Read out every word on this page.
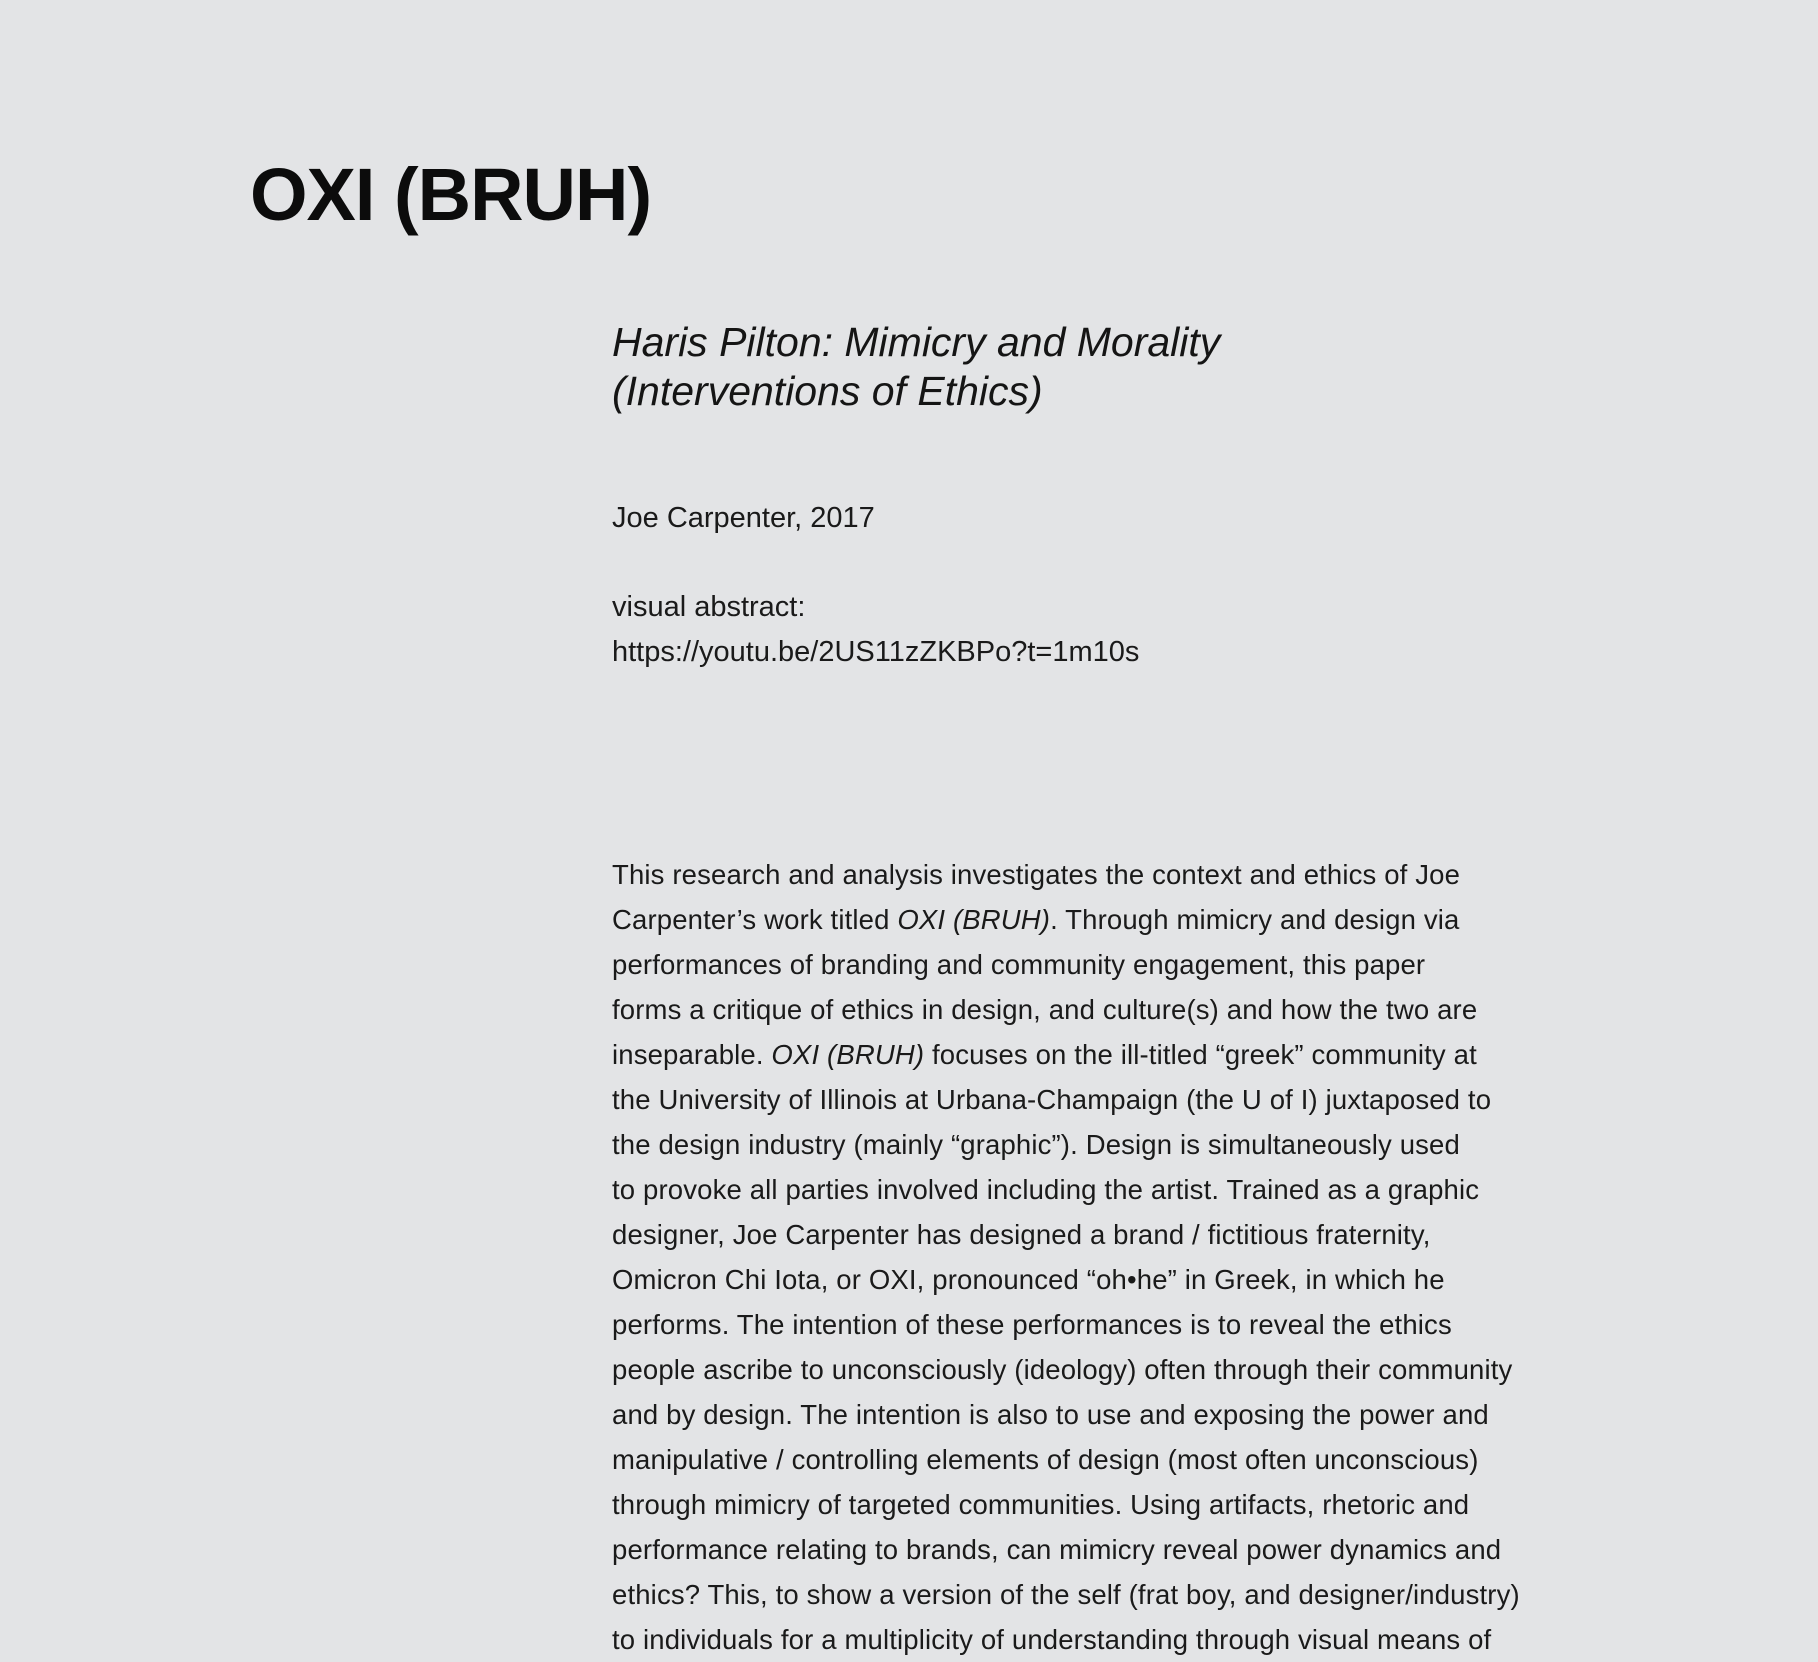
OXI (BRUH)
Haris Pilton: Mimicry and Morality
(Interventions of Ethics)
Joe Carpenter, 2017
visual abstract:
https://youtu.be/2US11zZKBPo?t=1m10s
This research and analysis investigates the context and ethics of Joe
Carpenter’s work titled OXI (BRUH). Through mimicry and design via
performances of branding and community engagement, this paper
forms a critique of ethics in design, and culture(s) and how the two are
inseparable. OXI (BRUH) focuses on the ill-titled “greek” community at
the University of Illinois at Urbana-Champaign (the U of I) juxtaposed to
the design industry (mainly “graphic”). Design is simultaneously used
to provoke all parties involved including the artist. Trained as a graphic
designer, Joe Carpenter has designed a brand / fictitious fraternity,
Omicron Chi Iota, or OXI, pronounced “oh•he” in Greek, in which he
performs. The intention of these performances is to reveal the ethics
people ascribe to unconsciously (ideology) often through their community
and by design. The intention is also to use and exposing the power and
manipulative / controlling elements of design (most often unconscious)
through mimicry of targeted communities. Using artifacts, rhetoric and
performance relating to brands, can mimicry reveal power dynamics and
ethics? This, to show a version of the self (frat boy, and designer/industry)
to individuals for a multiplicity of understanding through visual means of
